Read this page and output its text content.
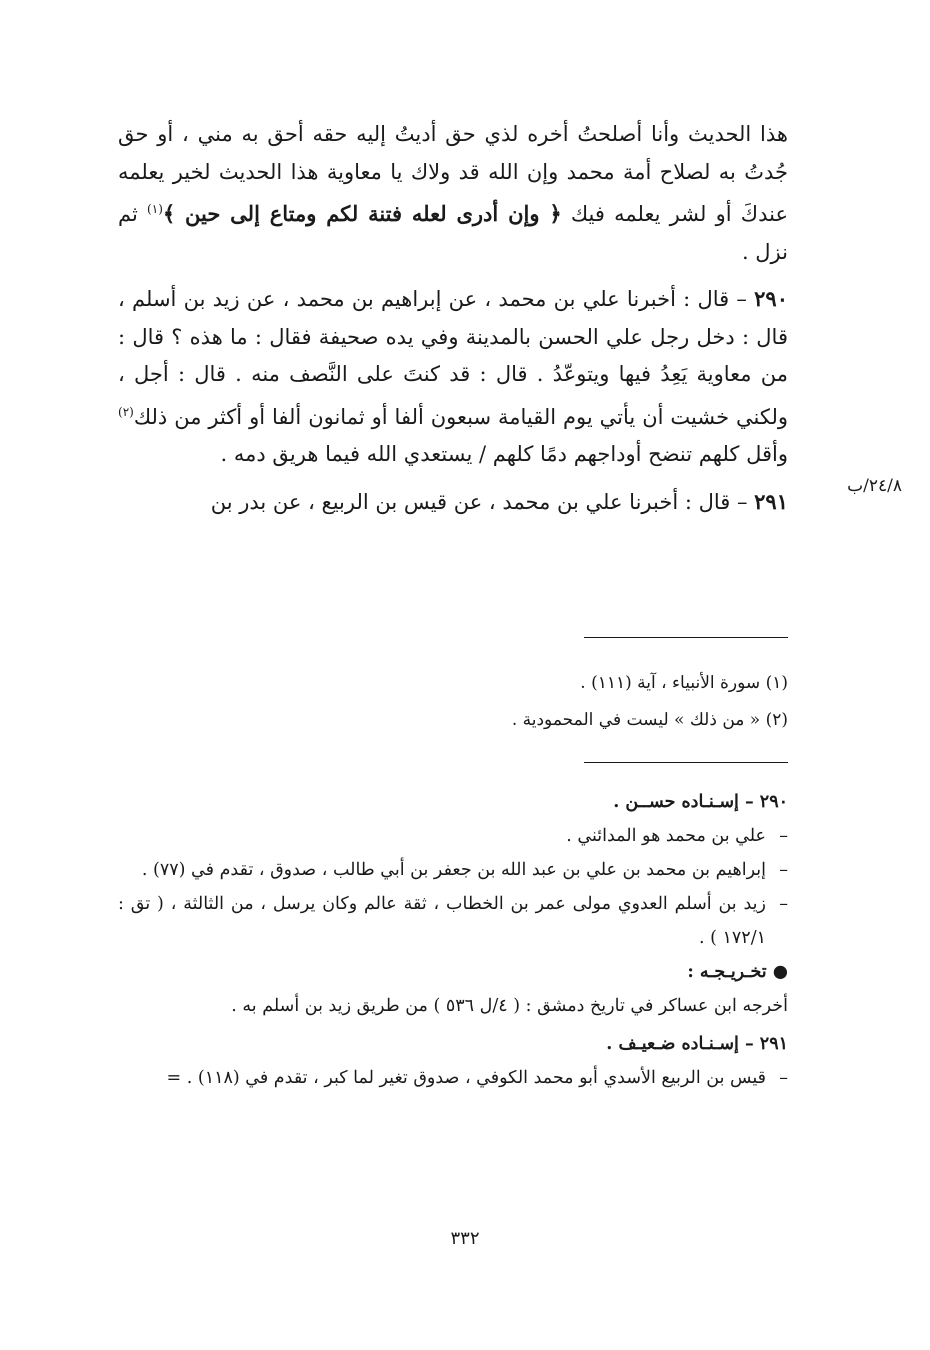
هذا الحديث وأنا أصلحتُ أخره لذي حق أديتُ إليه حقه أحق به مني ، أو حق جُدتُ به لصلاح أمة محمد وإن الله قد ولاك يا معاوية هذا الحديث لخير يعلمه عندكَ أو لشر يعلمه فيك ﴿ وإن أدرى لعله فتنة لكم ومتاع إلى حين ﴾$^{(١)}$ ثم نزل .

٢٩٠ – قال : أخبرنا علي بن محمد ، عن إبراهيم بن محمد ، عن زيد بن أسلم ، قال : دخل رجل علي الحسن بالمدينة وفي يده صحيفة فقال : ما هذه ؟ قال : من معاوية يَعِدُ فيها ويتوعّدُ . قال : قد كنتَ على النَّصف منه . قال : أجل ، ولكني خشيت أن يأتي يوم القيامة سبعون ألفا أو ثمانون ألفا أو أكثر من ذلك$^{(٢)}$ وأقل كلهم تنضح أوداجهم دمًا كلهم / يستعدي الله فيما هريق دمه .

٢٩١ – قال : أخبرنا علي بن محمد ، عن قيس بن الربيع ، عن بدر بن

٢٤/٨/ب
(١) سورة الأنبياء ، آية (١١١) .
(٢) « من ذلك » ليست في المحمودية .
٢٩٠ – إسـنـاده حســن .
– علي بن محمد هو المدائني .
– إبراهيم بن محمد بن علي بن عبد الله بن جعفر بن أبي طالب ، صدوق ، تقدم في (٧٧) .
– زيد بن أسلم العدوي مولى عمر بن الخطاب ، ثقة عالم وكان يرسل ، من الثالثة ، ( تق : ١٧٢/١ ) .
● تخـريـجـه :
أخرجه ابن عساكر في تاريخ دمشق : ( ٤/ل ٥٣٦ ) من طريق زيد بن أسلم به .
٢٩١ – إسـنـاده ضـعيـف .
– قيس بن الربيع الأسدي أبو محمد الكوفي ، صدوق تغير لما كبر ، تقدم في (١١٨) . =
٣٣٢
